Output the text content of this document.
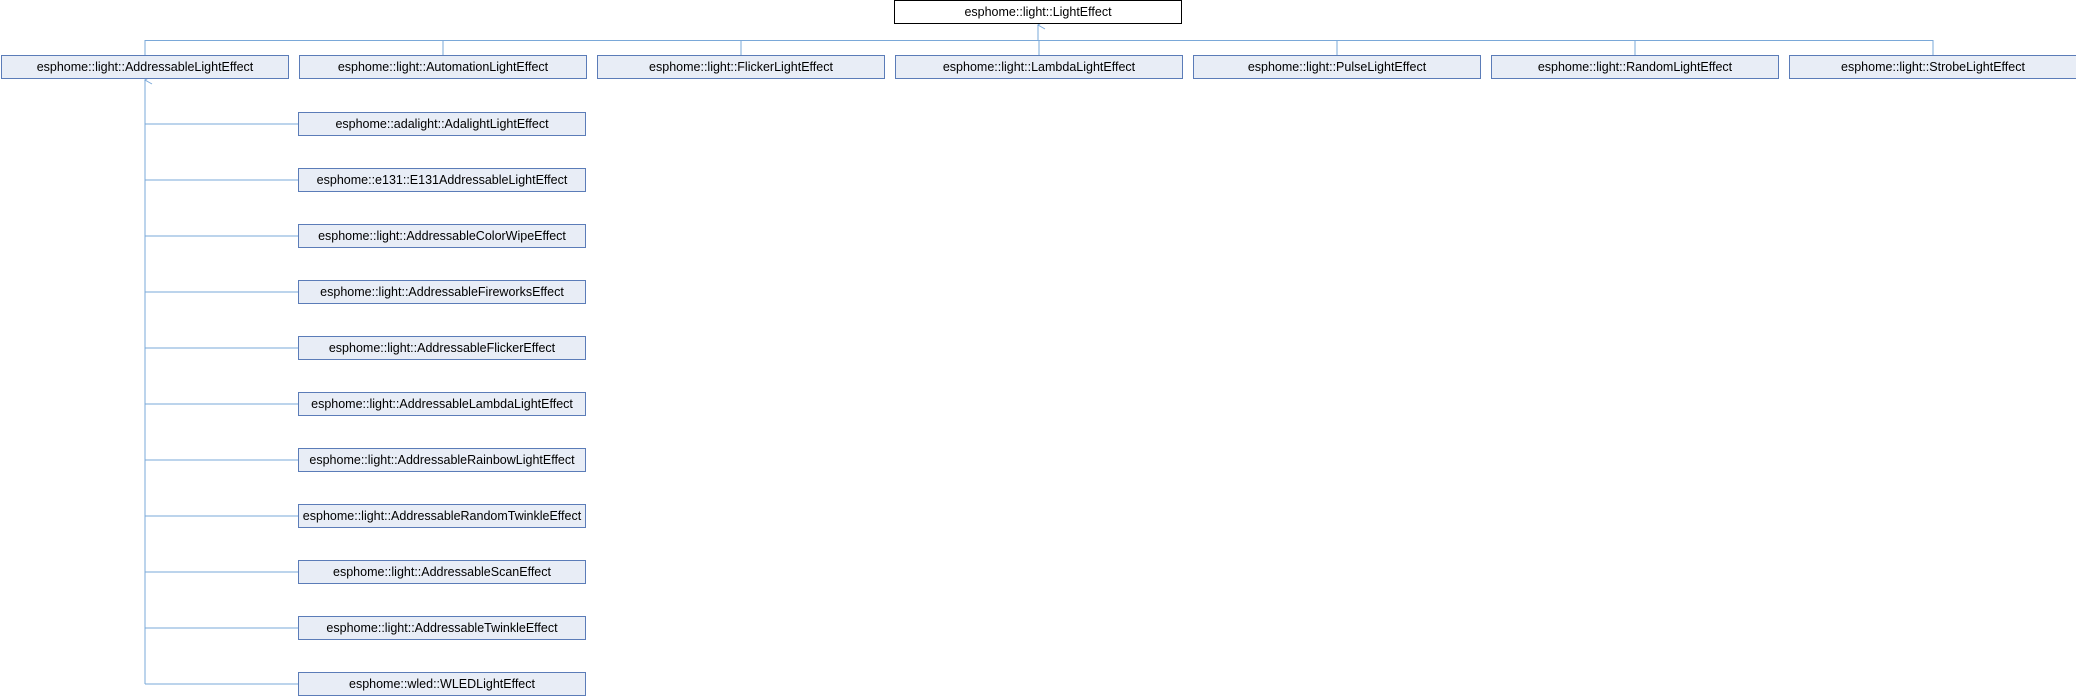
esphome::light::LightEffect
esphome::light::AddressableLightEffect	esphome::light::AutomationLightEffect	esphome::light::FlickerLightEffect	esphome::light::LambdaLightEffect	esphome::light::PulseLightEffect	esphome::light::RandomLightEffect	esphome::light::StrobeLightEffect
esphome::adalight::AdalightLightEffect
esphome::e131::E131AddressableLightEffect
esphome::light::AddressableColorWipeEffect
esphome::light::AddressableFireworksEffect
esphome::light::AddressableFlickerEffect
esphome::light::AddressableLambdaLightEffect
esphome::light::AddressableRainbowLightEffect
esphome::light::AddressableRandomTwinkleEffect
esphome::light::AddressableScanEffect
esphome::light::AddressableTwinkleEffect
esphome::wled::WLEDLightEffect
